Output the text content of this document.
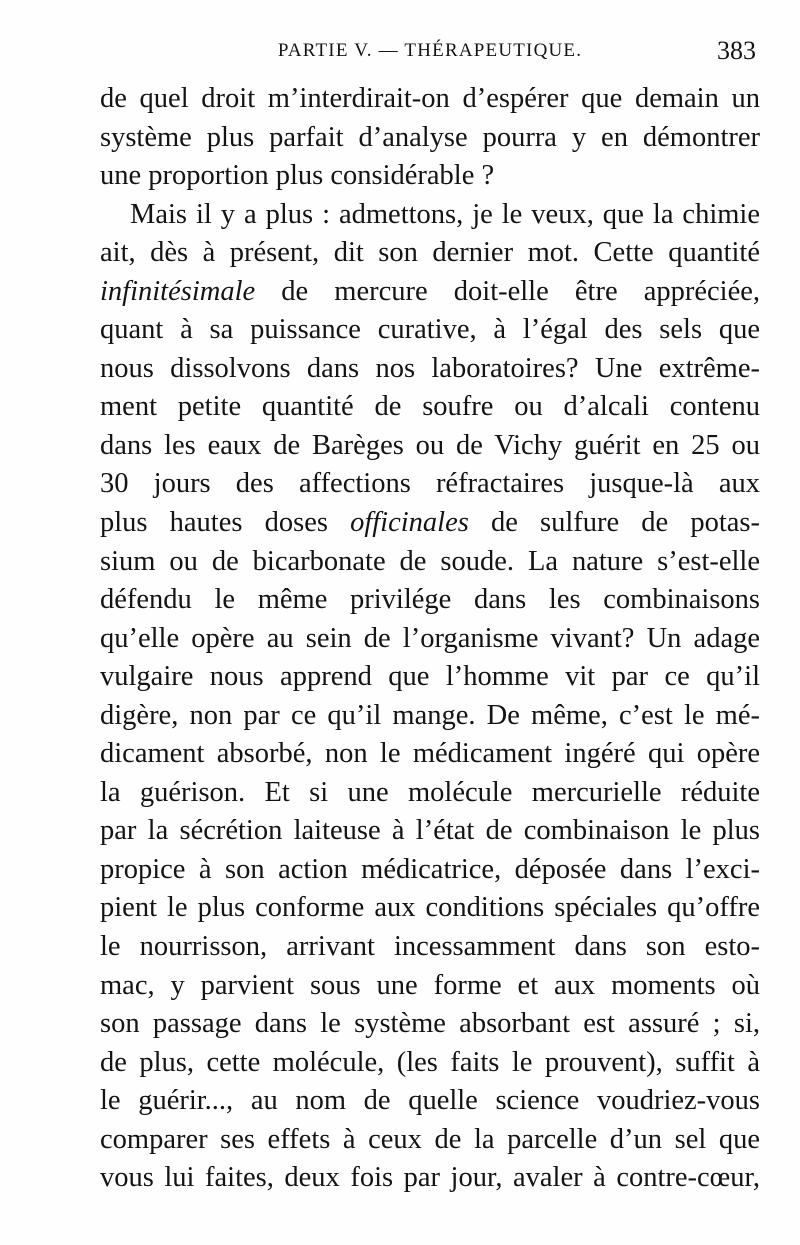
PARTIE V. — THÉRAPEUTIQUE.	383
de quel droit m’interdirait-on d’espérer que demain un
système plus parfait d’analyse pourra y en démontrer
une proportion plus considérable ?
Mais il y a plus : admettons, je le veux, que la chimie
ait, dès à présent, dit son dernier mot. Cette quantité
infinitésimale de mercure doit-elle être appréciée,
quant à sa puissance curative, à l’égal des sels que
nous dissolvons dans nos laboratoires? Une extrême-
ment petite quantité de soufre ou d’alcali contenu
dans les eaux de Barèges ou de Vichy guérit en 25 ou
30 jours des affections réfractaires jusque-là aux
plus hautes doses officinales de sulfure de potas-
sium ou de bicarbonate de soude. La nature s’est-elle
défendu le même privilége dans les combinaisons
qu’elle opère au sein de l’organisme vivant? Un adage
vulgaire nous apprend que l’homme vit par ce qu’il
digère, non par ce qu’il mange. De même, c’est le mé-
dicament absorbé, non le médicament ingéré qui opère
la guérison. Et si une molécule mercurielle réduite
par la sécrétion laiteuse à l’état de combinaison le plus
propice à son action médicatrice, déposée dans l’exci-
pient le plus conforme aux conditions spéciales qu’offre
le nourrisson, arrivant incessamment dans son esto-
mac, y parvient sous une forme et aux moments où
son passage dans le système absorbant est assuré ; si,
de plus, cette molécule, (les faits le prouvent), suffit à
le guérir..., au nom de quelle science voudriez-vous
comparer ses effets à ceux de la parcelle d’un sel que
vous lui faites, deux fois par jour, avaler à contre-cœur,
